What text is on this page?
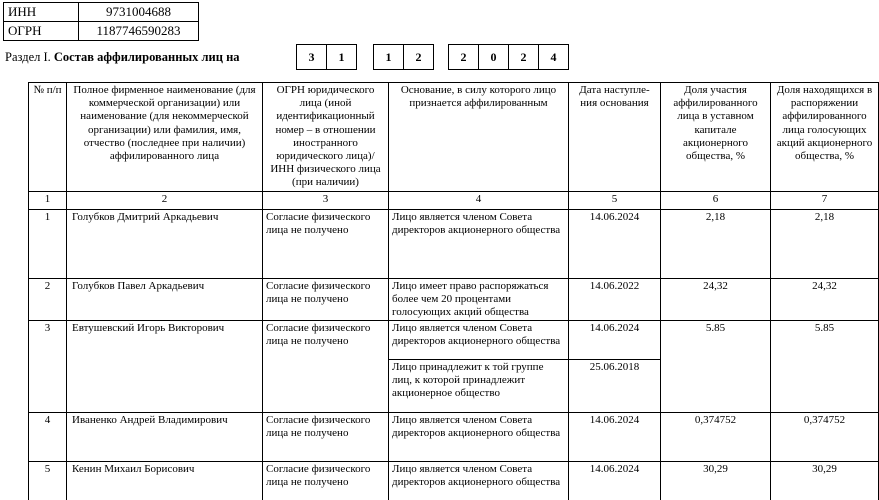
ИНН	9731004688
ОГРН	1187746590283
Раздел I. Состав аффилированных лиц на	3	1	1	2	2	0	2	4
№ п/п	Полное фирменное наименование (для коммерческой организации) или наименование (для некоммерческой организации) или фамилия, имя, отчество (последнее при наличии) аффилированного лица	ОГРН юридического лица (иной идентификационный номер – в отношении иностранного юридического лица)/ ИНН физического лица (при наличии)	Основание, в силу которого лицо признается аффилированным	Дата наступле-ния основания	Доля участия аффилированного лица в уставном капитале акционерного общества, %	Доля находящихся в распоряжении аффилированного лица голосующих акций акционерного общества, %
1	2	3	4	5	6	7
1	Голубков Дмитрий Аркадьевич	Согласие физического лица не получено	Лицо является членом Совета директоров акционерного общества	14.06.2024	2,18	2,18
2	Голубков Павел Аркадьевич	Согласие физического лица не получено	Лицо имеет право распоряжаться более чем 20 процентами голосующих акций общества	14.06.2022	24,32	24,32
3	Евтушевский Игорь Викторович	Согласие физического лица не получено	Лицо является членом Совета директоров акционерного общества	14.06.2024	5.85	5.85
			Лицо принадлежит к той группе лиц, к которой принадлежит акционерное общество	25.06.2018		
4	Иваненко Андрей Владимирович	Согласие физического лица не получено	Лицо является членом Совета директоров акционерного общества	14.06.2024	0,374752	0,374752
5	Кенин Михаил Борисович	Согласие физического лица не получено	Лицо является членом Совета директоров акционерного общества	14.06.2024	30,29	30,29
